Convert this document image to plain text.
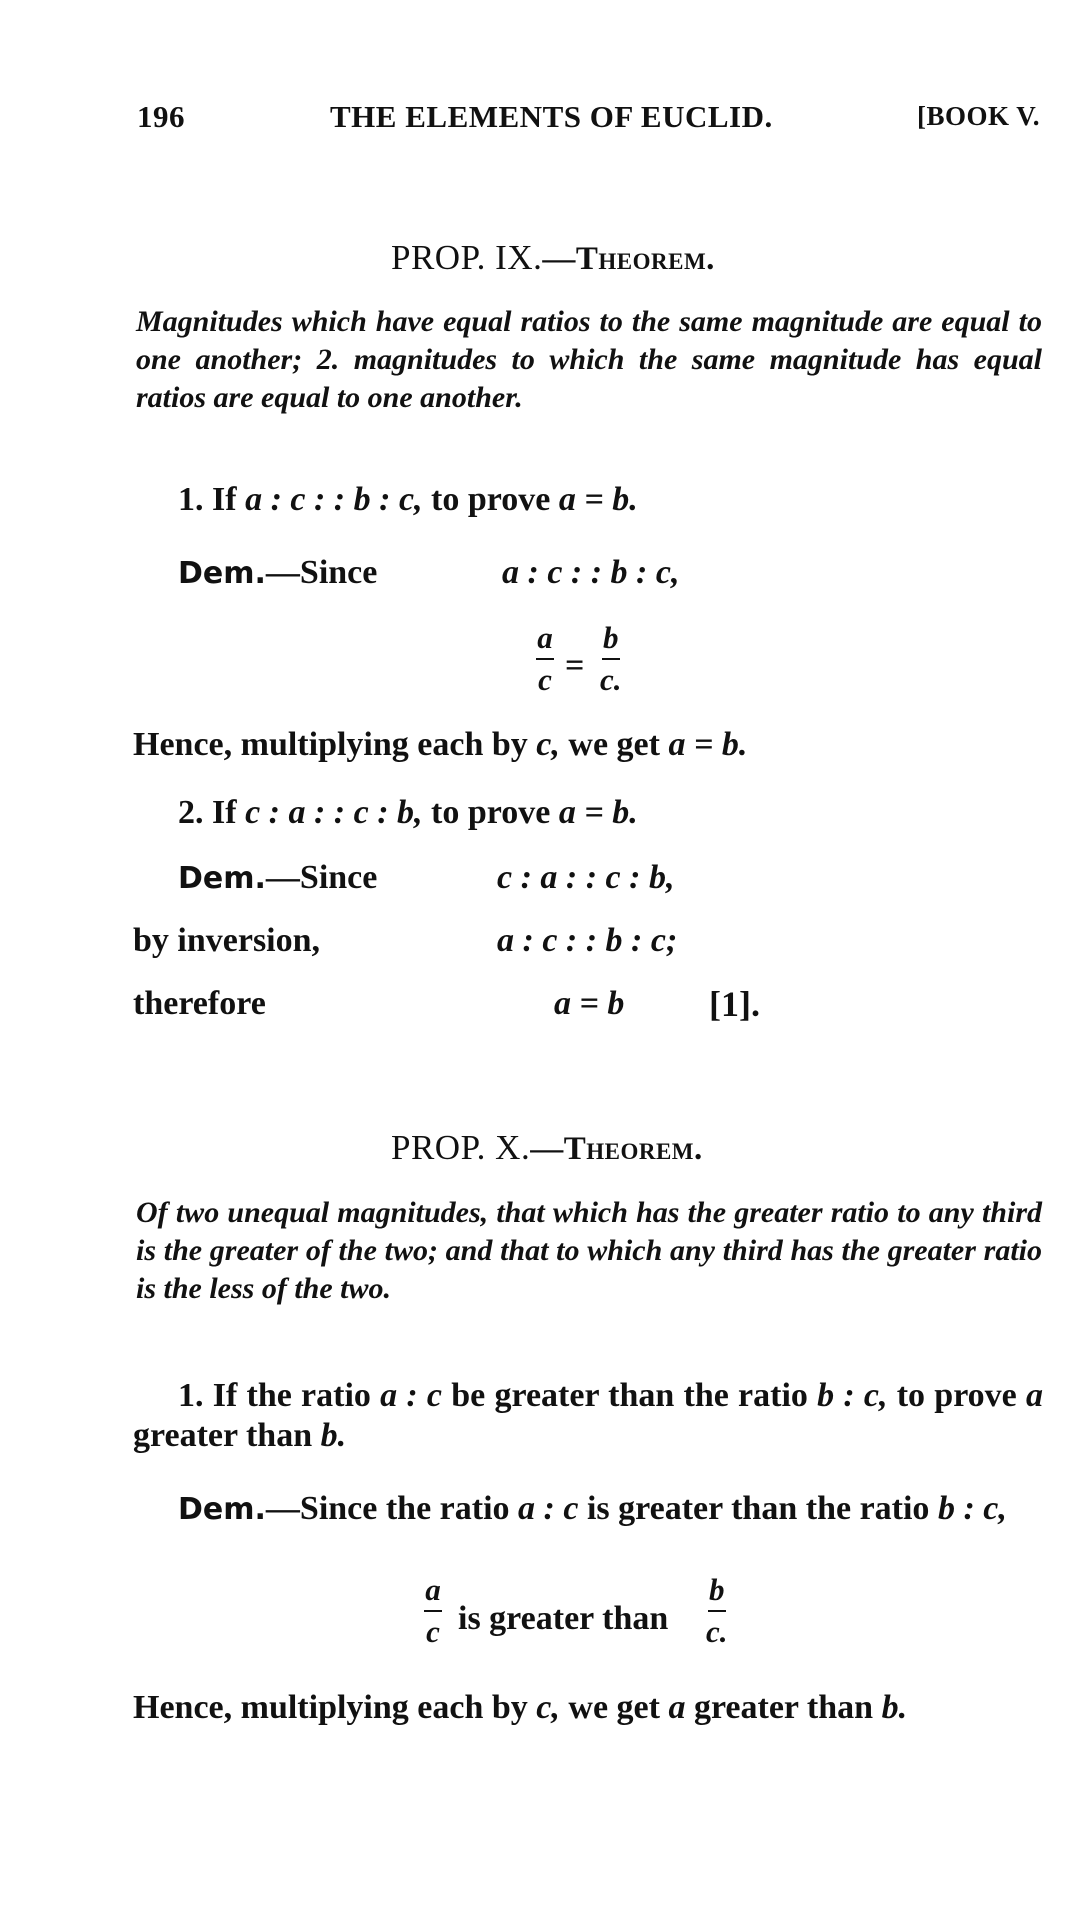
196	THE ELEMENTS OF EUCLID.	[BOOK V.
PROP. IX.—Theorem.
Magnitudes which have equal ratios to the same magnitude are equal to one another; 2. magnitudes to which the same magnitude has equal ratios are equal to one another.
1. If a : c : : b : c, to prove a = b.
Dem.—Since	a : c : : b : c,
a
c =
b
c.
Hence, multiplying each by c, we get a = b.
2. If c : a : : c : b, to prove a = b.
Dem.—Since	c : a : : c : b,
by inversion,	a : c : : b : c;
therefore	a = b [1].
PROP. X.—Theorem.
Of two unequal magnitudes, that which has the greater ratio to any third is the greater of the two; and that to which any third has the greater ratio is the less of the two.
1. If the ratio a : c be greater than the ratio b : c, to prove a greater than b.
Dem.—Since the ratio a : c is greater than the ratio b : c,
a
c is greater than
b
c.
Hence, multiplying each by c, we get a greater than b.
